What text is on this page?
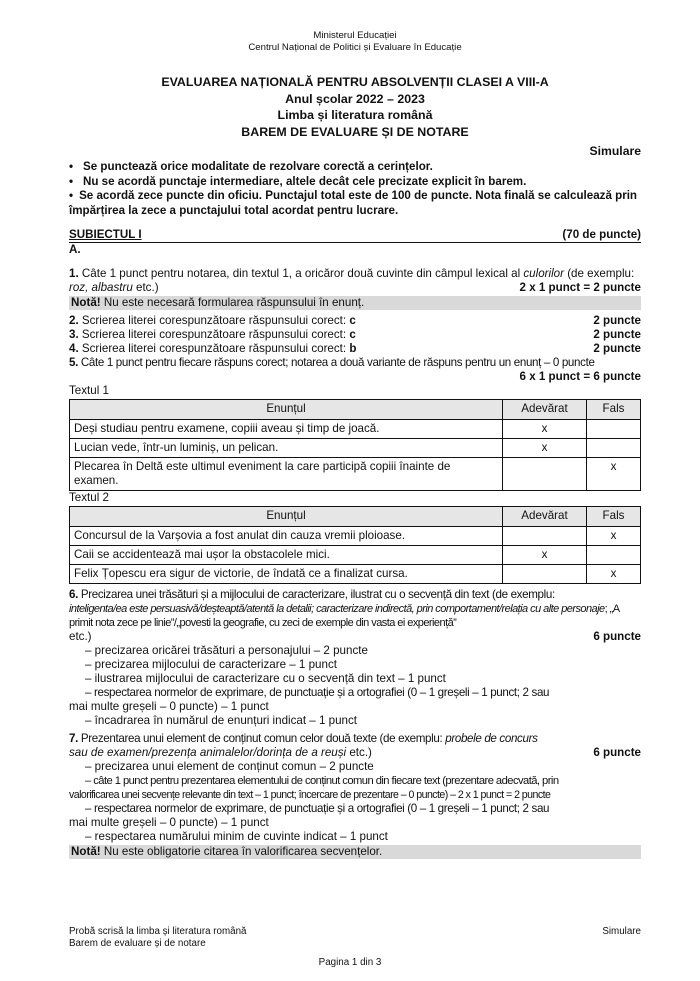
Ministerul Educației
Centrul Național de Politici și Evaluare în Educație
EVALUAREA NAȚIONALĂ PENTRU ABSOLVENȚII CLASEI A VIII-A
Anul școlar 2022 – 2023
Limba și literatura română
BAREM DE EVALUARE ȘI DE NOTARE
Simulare
• Se punctează orice modalitate de rezolvare corectă a cerințelor.
• Nu se acordă punctaje intermediare, altele decât cele precizate explicit în barem.
• Se acordă zece puncte din oficiu. Punctajul total este de 100 de puncte. Nota finală se calculează prin împărțirea la zece a punctajului total acordat pentru lucrare.
SUBIECTUL I	(70 de puncte)
A.
1. Câte 1 punct pentru notarea, din textul 1, a oricăror două cuvinte din câmpul lexical al culorilor (de exemplu: roz, albastru etc.)	2 x 1 punct = 2 puncte
Notă! Nu este necesară formularea răspunsului în enunț.
2. Scrierea literei corespunzătoare răspunsului corect: c	2 puncte
3. Scrierea literei corespunzătoare răspunsului corect: c	2 puncte
4. Scrierea literei corespunzătoare răspunsului corect: b	2 puncte
5. Câte 1 punct pentru fiecare răspuns corect; notarea a două variante de răspuns pentru un enunț – 0 puncte
6 x 1 punct = 6 puncte
Textul 1
Enunțul	Adevărat	Fals
Deși studiau pentru examene, copiii aveau și timp de joacă.	x	
Lucian vede, într-un luminiș, un pelican.	x	
Plecarea în Deltă este ultimul eveniment la care participă copiii înainte de examen.		x
Textul 2
Enunțul	Adevărat	Fals
Concursul de la Varșovia a fost anulat din cauza vremii ploioase.		x
Caii se accidentează mai ușor la obstacolele mici.	x	
Felix Țopescu era sigur de victorie, de îndată ce a finalizat cursa.		x
6. Precizarea unei trăsături și a mijlocului de caracterizare, ilustrat cu o secvență din text (de exemplu:
inteligenta/ea este persuasivă/deșteaptă/atentă la detalii; caracterizare indirectă, prin comportament/relația cu alte personaje; „A primit nota zece pe linie”/„povesti la geografie, cu zeci de exemple din vasta ei experiență”
etc.)	6 puncte
– precizarea oricărei trăsături a personajului – 2 puncte
– precizarea mijlocului de caracterizare – 1 punct
– ilustrarea mijlocului de caracterizare cu o secvență din text – 1 punct
– respectarea normelor de exprimare, de punctuație și a ortografiei (0 – 1 greșeli – 1 punct; 2 sau
mai multe greșeli – 0 puncte) – 1 punct
– încadrarea în numărul de enunțuri indicat – 1 punct
7. Prezentarea unui element de conținut comun celor două texte (de exemplu: probele de concurs
sau de examen/prezența animalelor/dorința de a reuși etc.)	6 puncte
– precizarea unui element de conținut comun – 2 puncte
– câte 1 punct pentru prezentarea elementului de conținut comun din fiecare text (prezentare adecvată, prin
valorificarea unei secvențe relevante din text – 1 punct; încercare de prezentare – 0 puncte) – 2 x 1 punct = 2 puncte
– respectarea normelor de exprimare, de punctuație și a ortografiei (0 – 1 greșeli – 1 punct; 2 sau
mai multe greșeli – 0 puncte) – 1 punct
– respectarea numărului minim de cuvinte indicat – 1 punct
Notă! Nu este obligatorie citarea în valorificarea secvențelor.
Probă scrisă la limba și literatura română	Simulare
Barem de evaluare și de notare
Pagina 1 din 3
